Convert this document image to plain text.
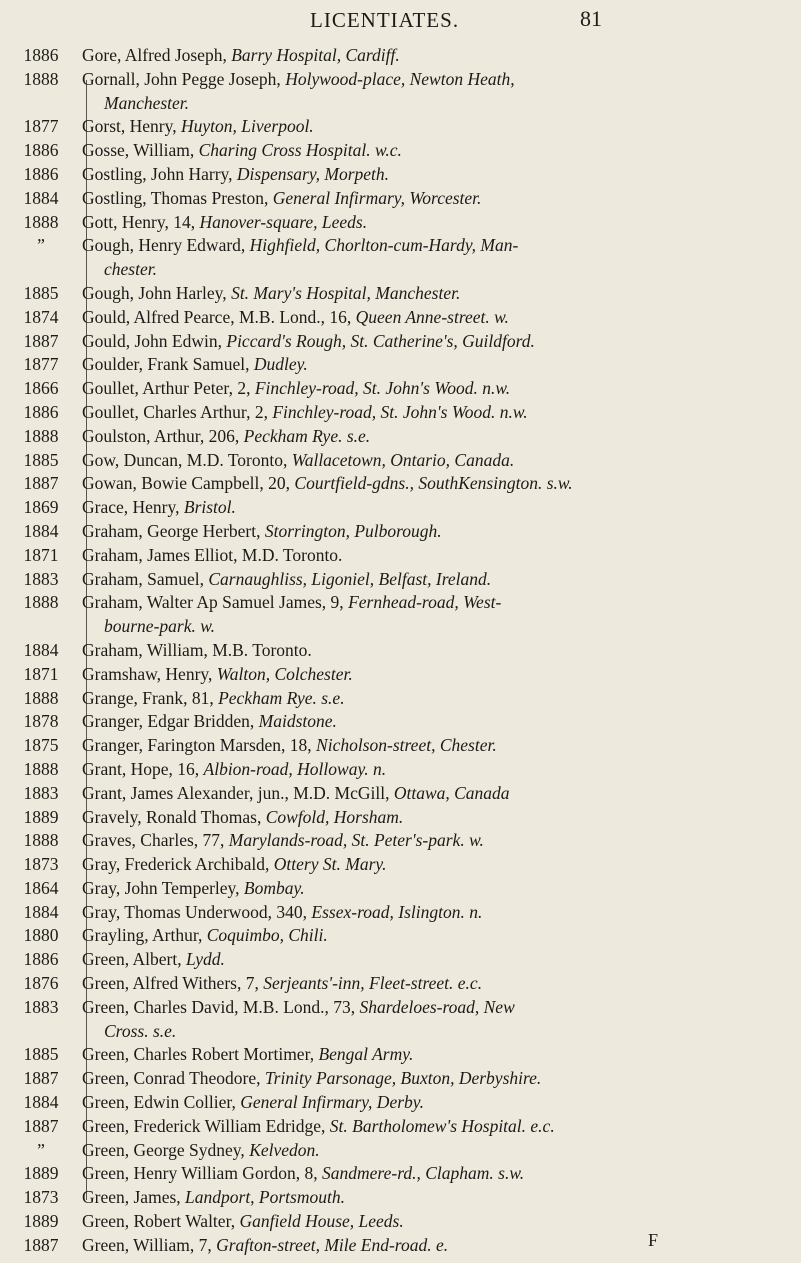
LICENTIATES.	81
1886	Gore, Alfred Joseph, Barry Hospital, Cardiff.
1888	Gornall, John Pegge Joseph, Holywood-place, Newton Heath,
Manchester.
1877	Gorst, Henry, Huyton, Liverpool.
1886	Gosse, William, Charing Cross Hospital. w.c.
1886	Gostling, John Harry, Dispensary, Morpeth.
1884	Gostling, Thomas Preston, General Infirmary, Worcester.
1888	Gott, Henry, 14, Hanover-square, Leeds.
”	Gough, Henry Edward, Highfield, Chorlton-cum-Hardy, Man-
chester.
1885	Gough, John Harley, St. Mary's Hospital, Manchester.
1874	Gould, Alfred Pearce, M.B. Lond., 16, Queen Anne-street. w.
1887	Gould, John Edwin, Piccard's Rough, St. Catherine's, Guildford.
1877	Goulder, Frank Samuel, Dudley.
1866	Goullet, Arthur Peter, 2, Finchley-road, St. John's Wood. n.w.
1886	Goullet, Charles Arthur, 2, Finchley-road, St. John's Wood. n.w.
1888	Goulston, Arthur, 206, Peckham Rye. s.e.
1885	Gow, Duncan, M.D. Toronto, Wallacetown, Ontario, Canada.
1887	Gowan, Bowie Campbell, 20, Courtfield-gdns., SouthKensington. s.w.
1869	Grace, Henry, Bristol.
1884	Graham, George Herbert, Storrington, Pulborough.
1871	Graham, James Elliot, M.D. Toronto.
1883	Graham, Samuel, Carnaughliss, Ligoniel, Belfast, Ireland.
1888	Graham, Walter Ap Samuel James, 9, Fernhead-road, West-
bourne-park. w.
1884	Graham, William, M.B. Toronto.
1871	Gramshaw, Henry, Walton, Colchester.
1888	Grange, Frank, 81, Peckham Rye. s.e.
1878	Granger, Edgar Bridden, Maidstone.
1875	Granger, Farington Marsden, 18, Nicholson-street, Chester.
1888	Grant, Hope, 16, Albion-road, Holloway. n.
1883	Grant, James Alexander, jun., M.D. McGill, Ottawa, Canada
1889	Gravely, Ronald Thomas, Cowfold, Horsham.
1888	Graves, Charles, 77, Marylands-road, St. Peter's-park. w.
1873	Gray, Frederick Archibald, Ottery St. Mary.
1864	Gray, John Temperley, Bombay.
1884	Gray, Thomas Underwood, 340, Essex-road, Islington. n.
1880	Grayling, Arthur, Coquimbo, Chili.
1886	Green, Albert, Lydd.
1876	Green, Alfred Withers, 7, Serjeants'-inn, Fleet-street. e.c.
1883	Green, Charles David, M.B. Lond., 73, Shardeloes-road, New
Cross. s.e.
1885	Green, Charles Robert Mortimer, Bengal Army.
1887	Green, Conrad Theodore, Trinity Parsonage, Buxton, Derbyshire.
1884	Green, Edwin Collier, General Infirmary, Derby.
1887	Green, Frederick William Edridge, St. Bartholomew's Hospital. e.c.
”	Green, George Sydney, Kelvedon.
1889	Green, Henry William Gordon, 8, Sandmere-rd., Clapham. s.w.
1873	Green, James, Landport, Portsmouth.
1889	Green, Robert Walter, Ganfield House, Leeds.
1887	Green, William, 7, Grafton-street, Mile End-road. e.	F
